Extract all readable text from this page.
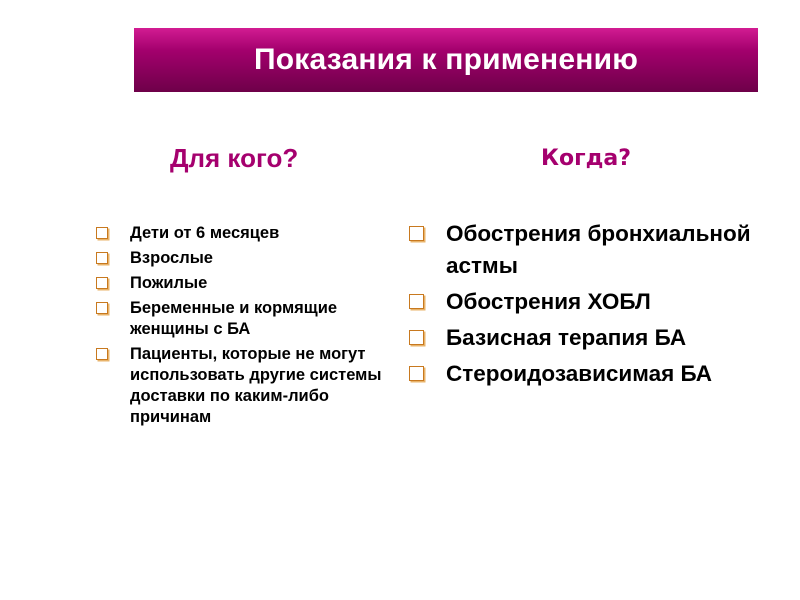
Показания к применению
Для кого?	Когда?
Дети от 6 месяцев
Взрослые
Пожилые
Беременные и кормящие женщины с БА
Пациенты, которые не могут использовать другие системы доставки по каким-либо причинам
Обострения бронхиальной астмы
Обострения ХОБЛ
Базисная терапия БА
Стероидозависимая БА
